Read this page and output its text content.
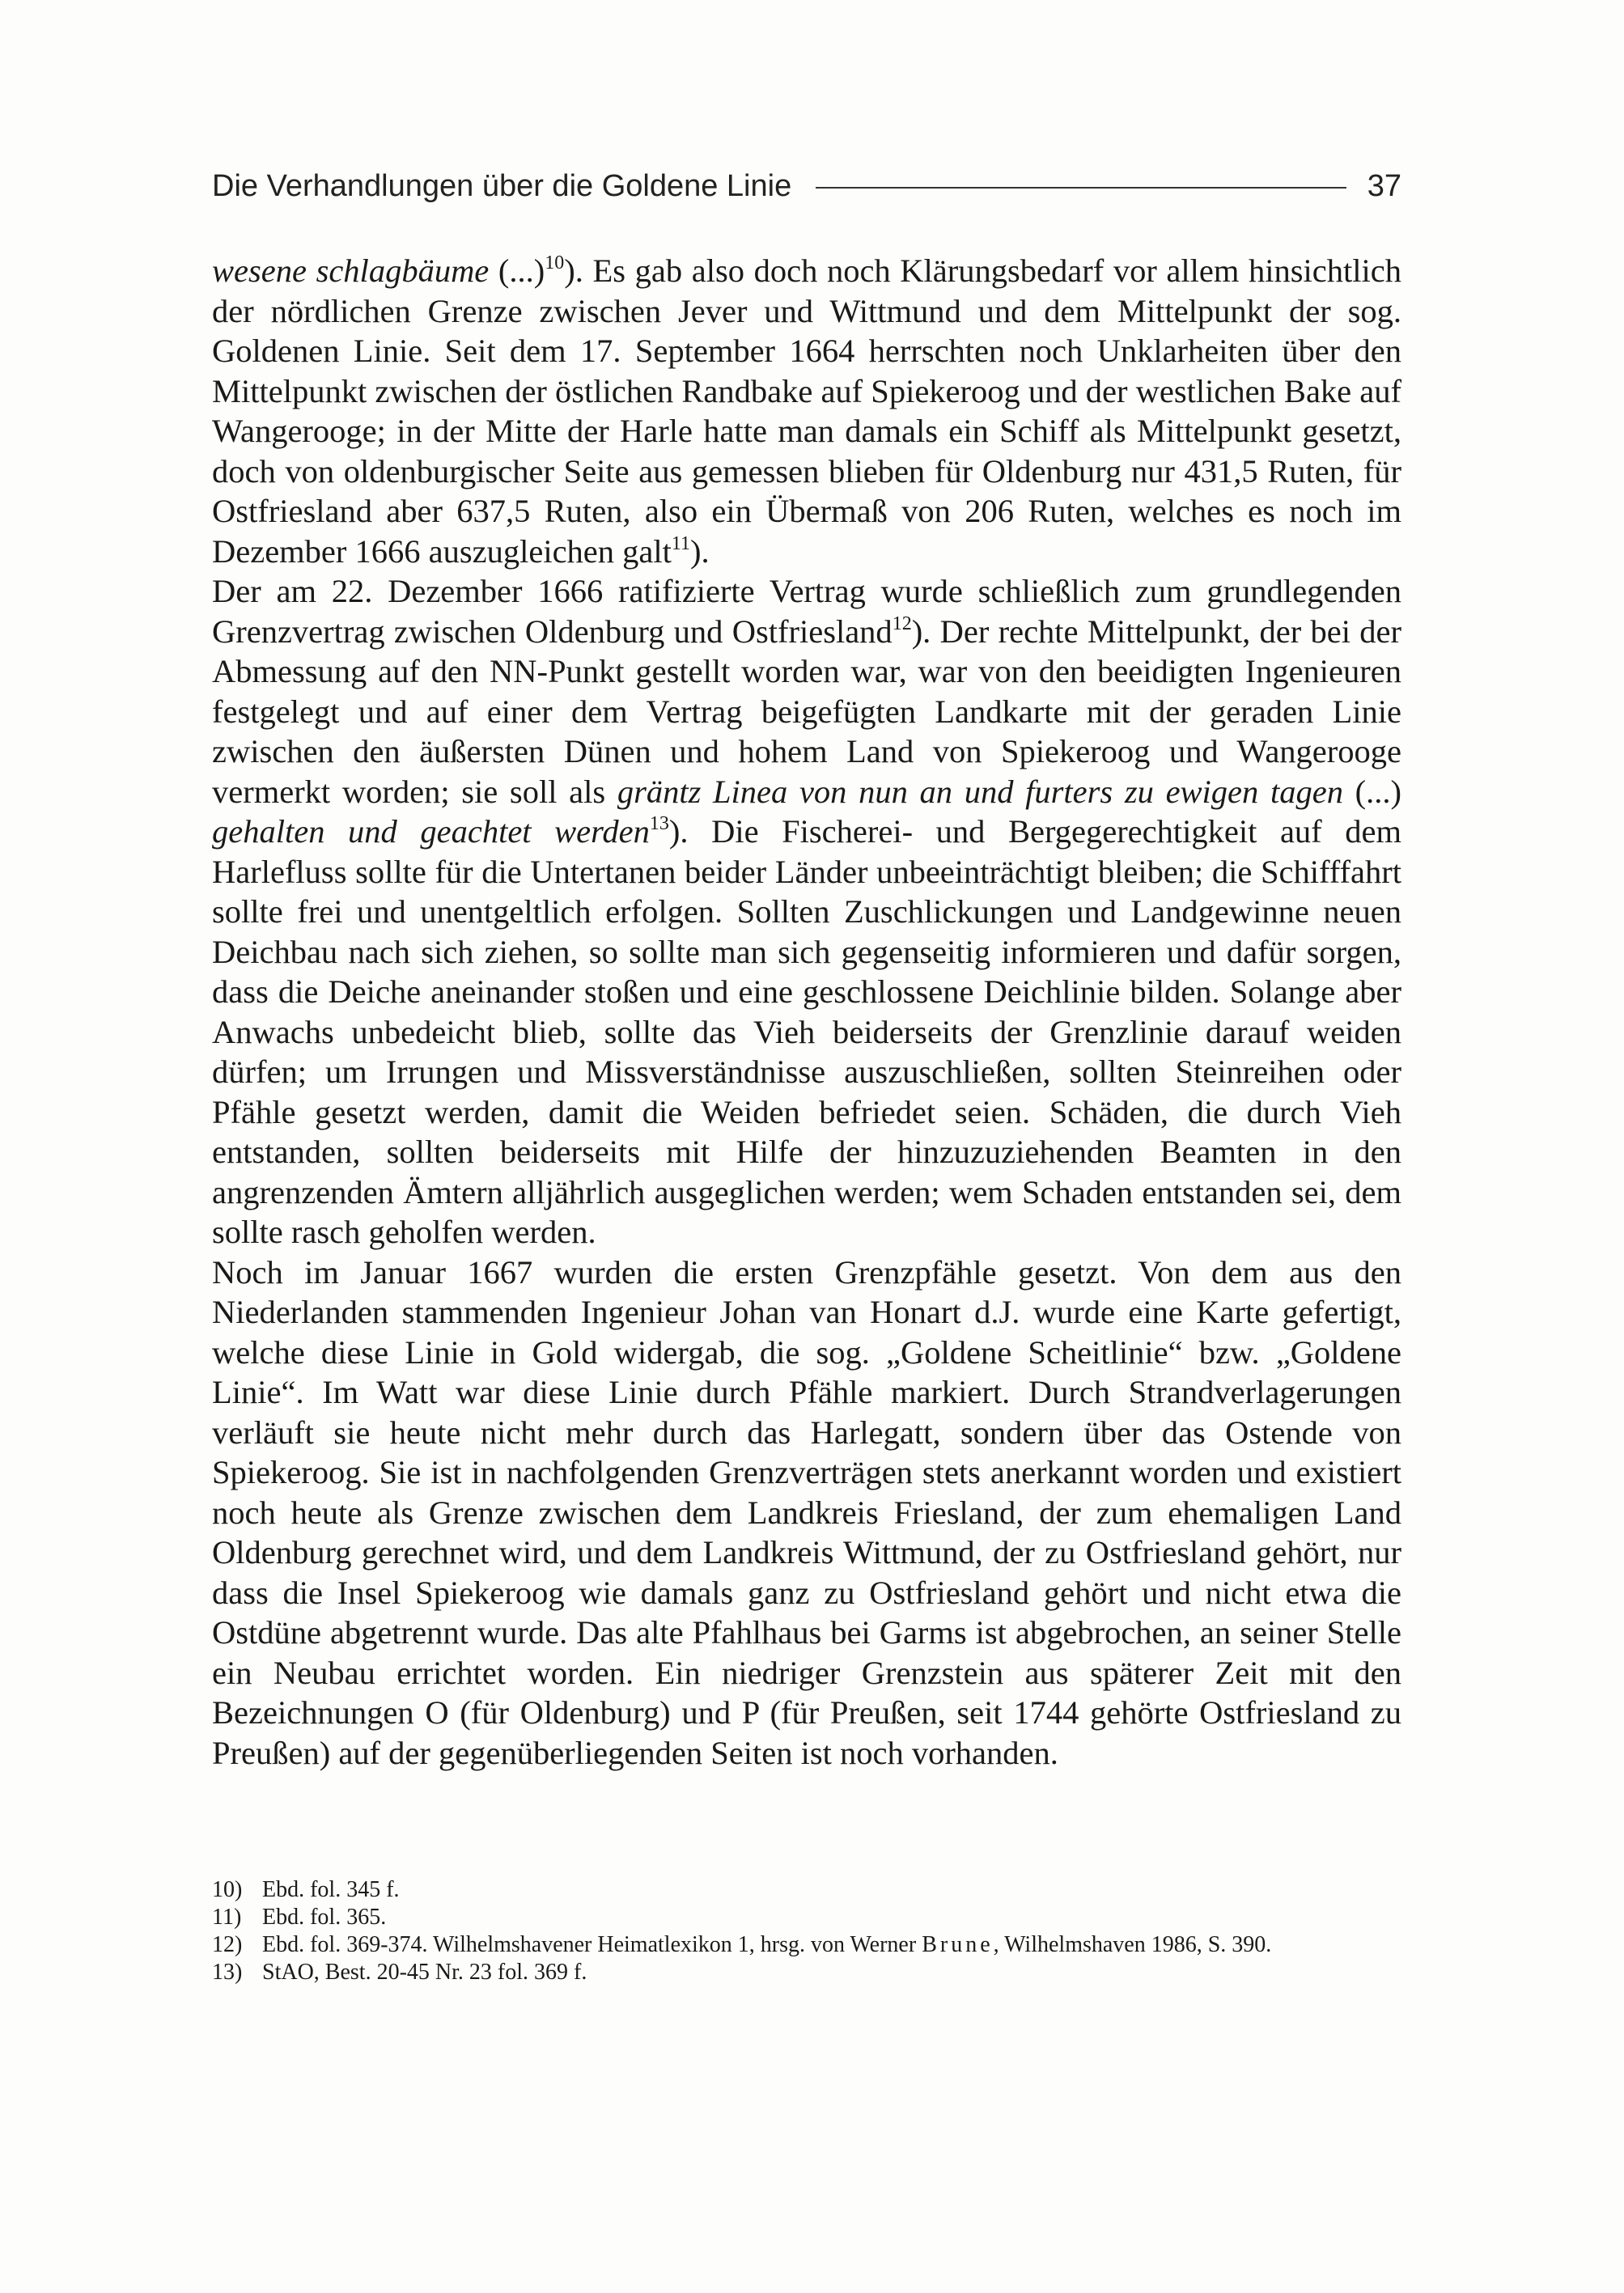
Die Verhandlungen über die Goldene Linie	37

wesene schlagbäume (...)$^{10}$). Es gab also doch noch Klärungsbedarf vor allem hinsichtlich der nördlichen Grenze zwischen Jever und Wittmund und dem Mittelpunkt der sog. Goldenen Linie. Seit dem 17. September 1664 herrschten noch Unklarheiten über den Mittelpunkt zwischen der östlichen Randbake auf Spiekeroog und der westlichen Bake auf Wangerooge; in der Mitte der Harle hatte man damals ein Schiff als Mittelpunkt gesetzt, doch von oldenburgischer Seite aus gemessen blieben für Oldenburg nur 431,5 Ruten, für Ostfriesland aber 637,5 Ruten, also ein Übermaß von 206 Ruten, welches es noch im Dezember 1666 auszugleichen galt$^{11}$).

Der am 22. Dezember 1666 ratifizierte Vertrag wurde schließlich zum grundlegenden Grenzvertrag zwischen Oldenburg und Ostfriesland$^{12}$). Der rechte Mittelpunkt, der bei der Abmessung auf den NN-Punkt gestellt worden war, war von den beeidigten Ingenieuren festgelegt und auf einer dem Vertrag beigefügten Landkarte mit der geraden Linie zwischen den äußersten Dünen und hohem Land von Spiekeroog und Wangerooge vermerkt worden; sie soll als gräntz Linea von nun an und furters zu ewigen tagen (...) gehalten und geachtet werden$^{13}$). Die Fischerei- und Bergegerechtigkeit auf dem Harlefluss sollte für die Untertanen beider Länder unbeeinträchtigt bleiben; die Schifffahrt sollte frei und unentgeltlich erfolgen. Sollten Zuschlickungen und Landgewinne neuen Deichbau nach sich ziehen, so sollte man sich gegenseitig informieren und dafür sorgen, dass die Deiche aneinander stoßen und eine geschlossene Deichlinie bilden. Solange aber Anwachs unbedeicht blieb, sollte das Vieh beiderseits der Grenzlinie darauf weiden dürfen; um Irrungen und Missverständnisse auszuschließen, sollten Steinreihen oder Pfähle gesetzt werden, damit die Weiden befriedet seien. Schäden, die durch Vieh entstanden, sollten beiderseits mit Hilfe der hinzuzuziehenden Beamten in den angrenzenden Ämtern alljährlich ausgeglichen werden; wem Schaden entstanden sei, dem sollte rasch geholfen werden.

Noch im Januar 1667 wurden die ersten Grenzpfähle gesetzt. Von dem aus den Niederlanden stammenden Ingenieur Johan van Honart d.J. wurde eine Karte gefertigt, welche diese Linie in Gold widergab, die sog. „Goldene Scheitlinie“ bzw. „Goldene Linie“. Im Watt war diese Linie durch Pfähle markiert. Durch Strandverlagerungen verläuft sie heute nicht mehr durch das Harlegatt, sondern über das Ostende von Spiekeroog. Sie ist in nachfolgenden Grenzverträgen stets anerkannt worden und existiert noch heute als Grenze zwischen dem Landkreis Friesland, der zum ehemaligen Land Oldenburg gerechnet wird, und dem Landkreis Wittmund, der zu Ostfriesland gehört, nur dass die Insel Spiekeroog wie damals ganz zu Ostfriesland gehört und nicht etwa die Ostdüne abgetrennt wurde. Das alte Pfahlhaus bei Garms ist abgebrochen, an seiner Stelle ein Neubau errichtet worden. Ein niedriger Grenzstein aus späterer Zeit mit den Bezeichnungen O (für Oldenburg) und P (für Preußen, seit 1744 gehörte Ostfriesland zu Preußen) auf der gegenüberliegenden Seiten ist noch vorhanden.

10) Ebd. fol. 345 f.
11) Ebd. fol. 365.
12) Ebd. fol. 369-374. Wilhelmshavener Heimatlexikon 1, hrsg. von Werner Brune, Wilhelmshaven 1986, S. 390.
13) StAO, Best. 20-45 Nr. 23 fol. 369 f.
